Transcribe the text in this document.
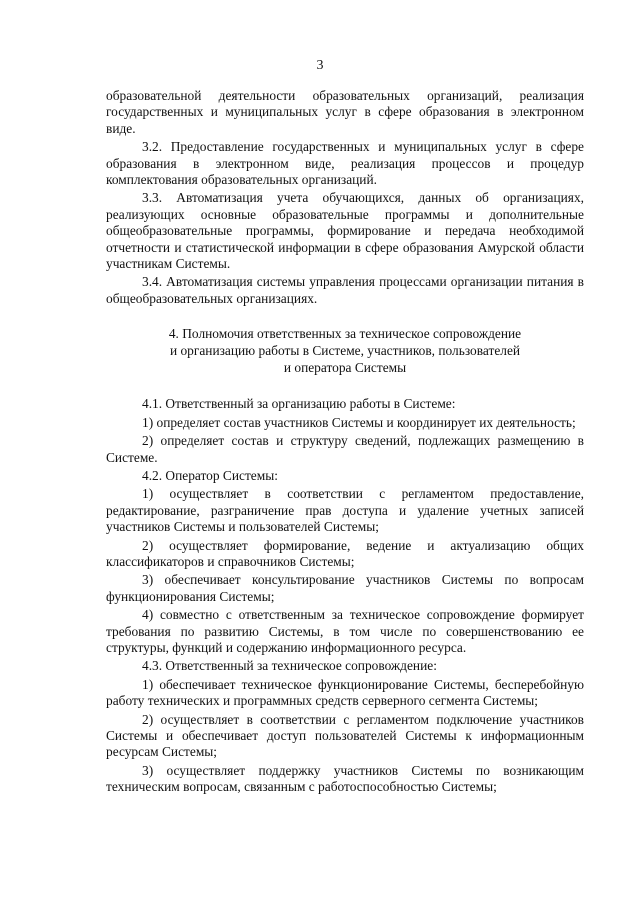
3

образовательной деятельности образовательных организаций, реализация государственных и муниципальных услуг в сфере образования в электронном виде.

3.2. Предоставление государственных и муниципальных услуг в сфере образования в электронном виде, реализация процессов и процедур комплектования образовательных организаций.

3.3. Автоматизация учета обучающихся, данных об организациях, реализующих основные образовательные программы и дополнительные общеобразовательные программы, формирование и передача необходимой отчетности и статистической информации в сфере образования Амурской области участникам Системы.

3.4. Автоматизация системы управления процессами организации питания в общеобразовательных организациях.

4. Полномочия ответственных за техническое сопровождение
и организацию работы в Системе, участников, пользователей
и оператора Системы

4.1. Ответственный за организацию работы в Системе:

1) определяет состав участников Системы и координирует их деятельность;

2) определяет состав и структуру сведений, подлежащих размещению в Системе.

4.2. Оператор Системы:

1) осуществляет в соответствии с регламентом предоставление, редактирование, разграничение прав доступа и удаление учетных записей участников Системы и пользователей Системы;

2) осуществляет формирование, ведение и актуализацию общих классификаторов и справочников Системы;

3) обеспечивает консультирование участников Системы по вопросам функционирования Системы;

4) совместно с ответственным за техническое сопровождение формирует требования по развитию Системы, в том числе по совершенствованию ее структуры, функций и содержанию информационного ресурса.

4.3. Ответственный за техническое сопровождение:

1) обеспечивает техническое функционирование Системы, бесперебойную работу технических и программных средств серверного сегмента Системы;

2) осуществляет в соответствии с регламентом подключение участников Системы и обеспечивает доступ пользователей Системы к информационным ресурсам Системы;

3) осуществляет поддержку участников Системы по возникающим техническим вопросам, связанным с работоспособностью Системы;
